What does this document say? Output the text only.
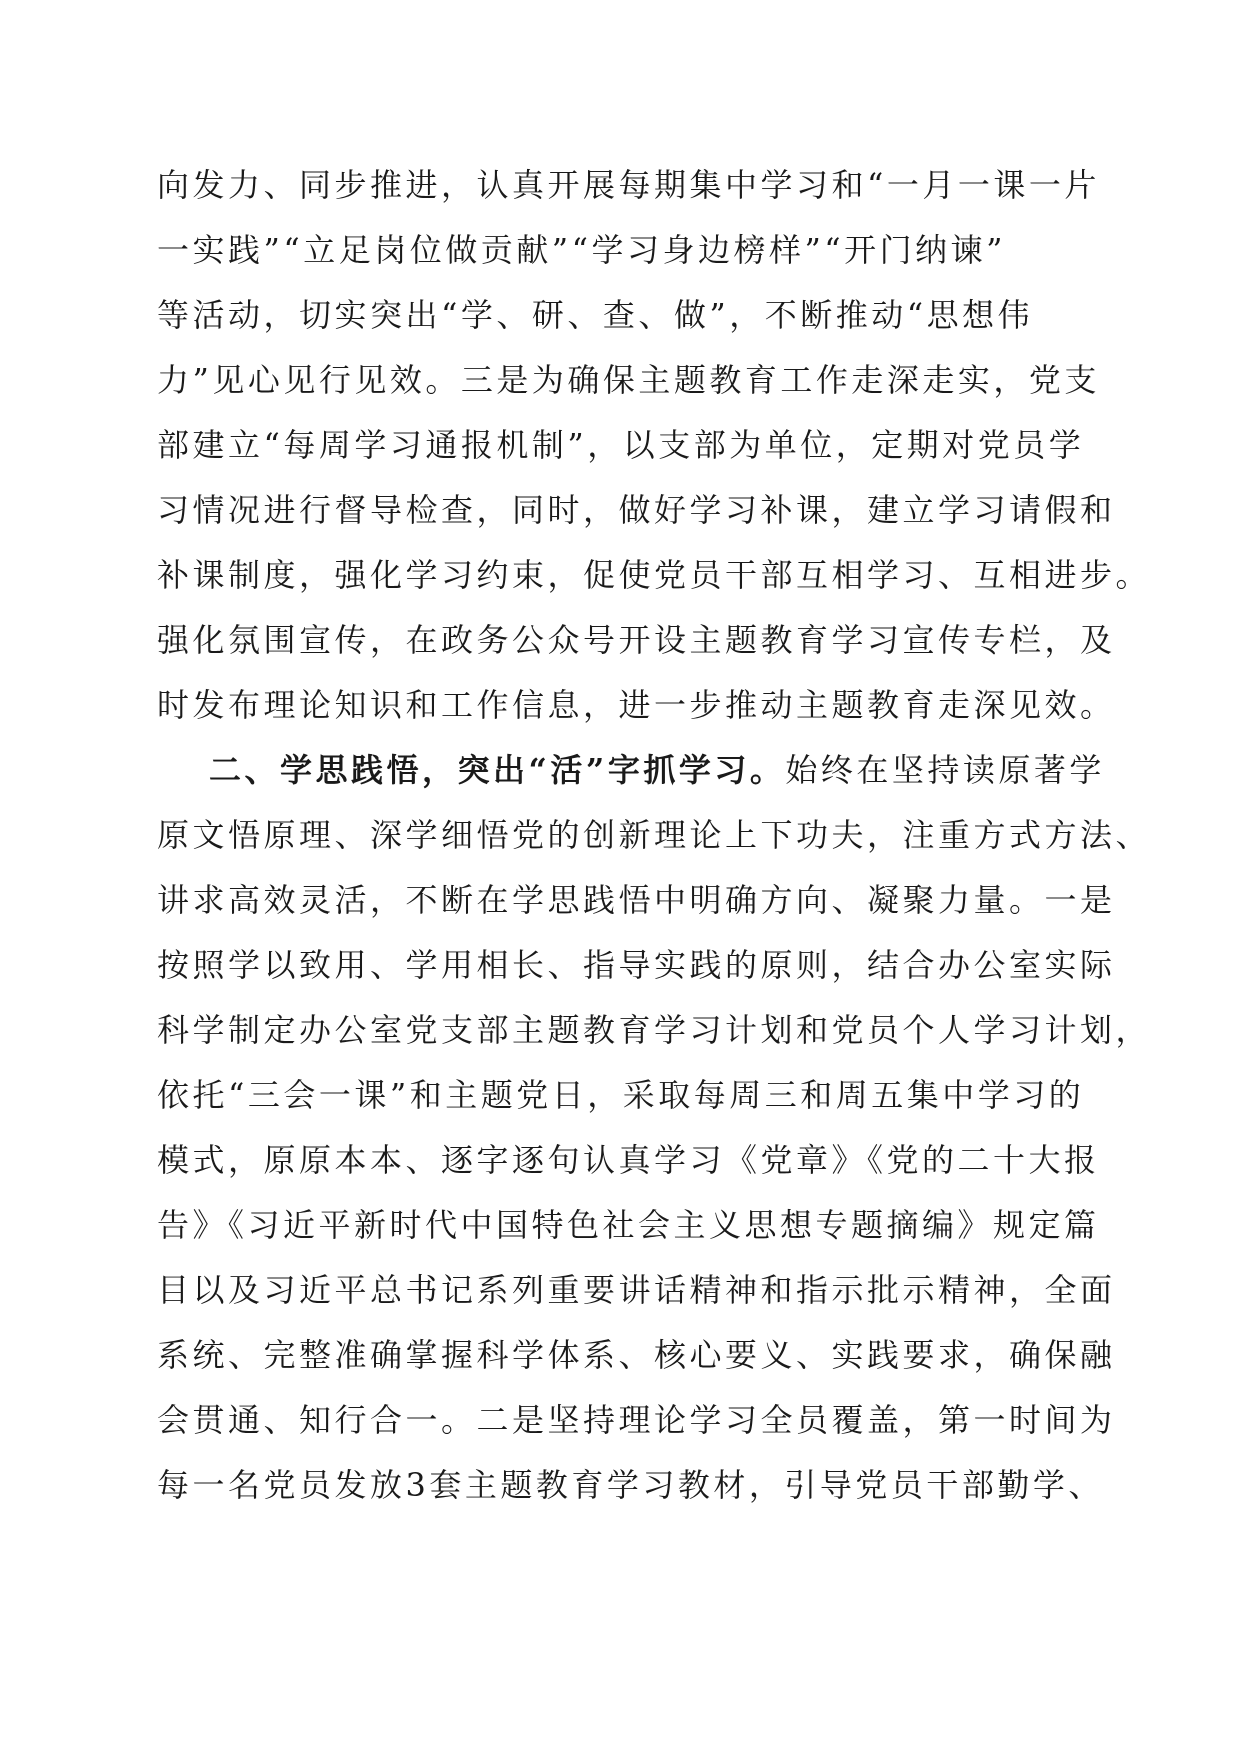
向发力、同步推进，认真开展每期集中学习和“一月一课一片
一实践”“立足岗位做贡献”“学习身边榜样”“开门纳谏”
等活动，切实突出“学、研、查、做”，不断推动“思想伟
力”见心见行见效。三是为确保主题教育工作走深走实，党支
部建立“每周学习通报机制”，以支部为单位，定期对党员学
习情况进行督导检查，同时，做好学习补课，建立学习请假和
补课制度，强化学习约束，促使党员干部互相学习、互相进步。
强化氛围宣传，在政务公众号开设主题教育学习宣传专栏，及
时发布理论知识和工作信息，进一步推动主题教育走深见效。
二、学思践悟，突出“活”字抓学习。始终在坚持读原著学
原文悟原理、深学细悟党的创新理论上下功夫，注重方式方法、
讲求高效灵活，不断在学思践悟中明确方向、凝聚力量。一是
按照学以致用、学用相长、指导实践的原则，结合办公室实际
科学制定办公室党支部主题教育学习计划和党员个人学习计划，
依托“三会一课”和主题党日，采取每周三和周五集中学习的
模式，原原本本、逐字逐句认真学习《党章》《党的二十大报
告》《习近平新时代中国特色社会主义思想专题摘编》规定篇
目以及习近平总书记系列重要讲话精神和指示批示精神，全面
系统、完整准确掌握科学体系、核心要义、实践要求，确保融
会贯通、知行合一。二是坚持理论学习全员覆盖，第一时间为
每一名党员发放3套主题教育学习教材，引导党员干部勤学、
